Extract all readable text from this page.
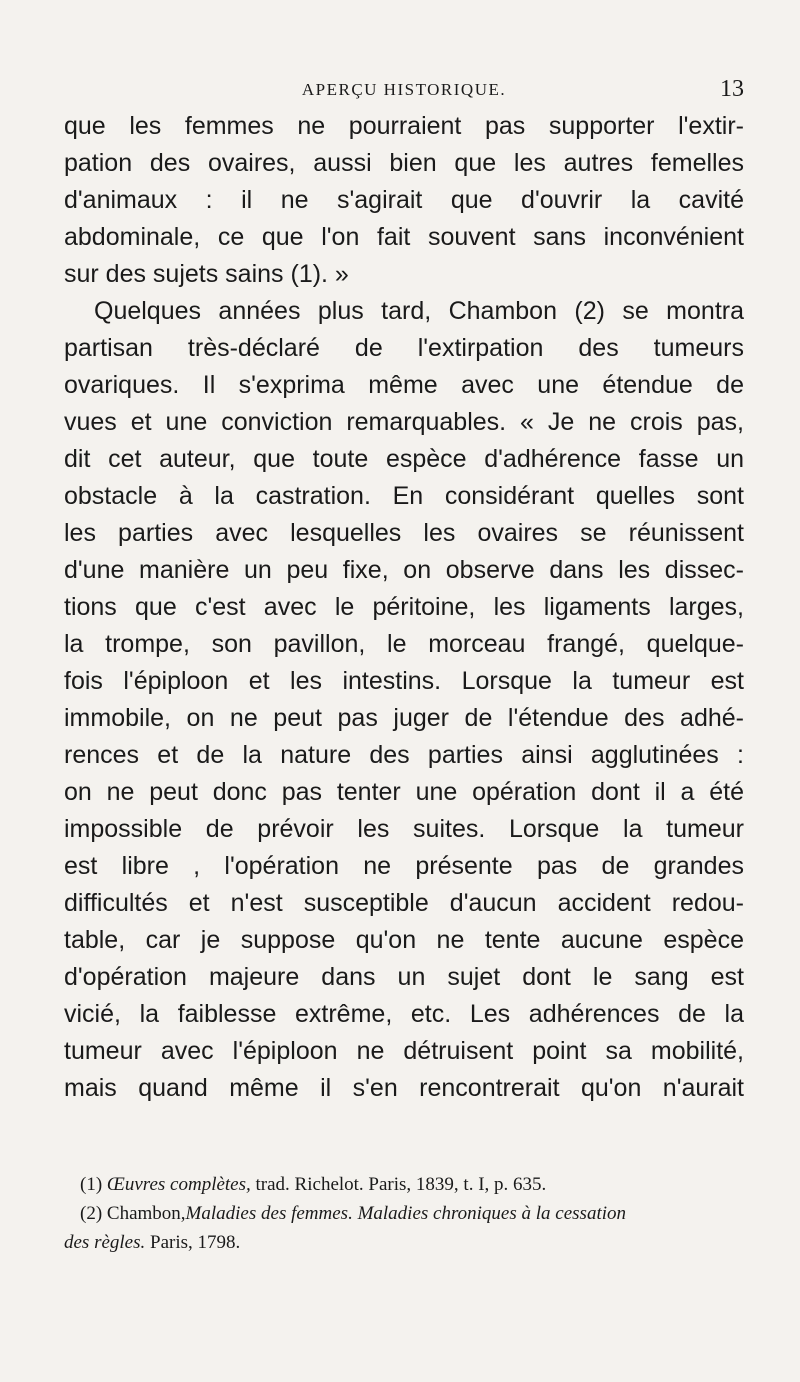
APERÇU HISTORIQUE.	13
que les femmes ne pourraient pas supporter l'extir-
pation des ovaires, aussi bien que les autres femelles
d'animaux : il ne s'agirait que d'ouvrir la cavité
abdominale, ce que l'on fait souvent sans inconvénient
sur des sujets sains (1). »
Quelques années plus tard, Chambon (2) se montra
partisan très-déclaré de l'extirpation des tumeurs
ovariques. Il s'exprima même avec une étendue de
vues et une conviction remarquables. « Je ne crois pas,
dit cet auteur, que toute espèce d'adhérence fasse un
obstacle à la castration. En considérant quelles sont
les parties avec lesquelles les ovaires se réunissent
d'une manière un peu fixe, on observe dans les dissec-
tions que c'est avec le péritoine, les ligaments larges,
la trompe, son pavillon, le morceau frangé, quelque-
fois l'épiploon et les intestins. Lorsque la tumeur est
immobile, on ne peut pas juger de l'étendue des adhé-
rences et de la nature des parties ainsi agglutinées :
on ne peut donc pas tenter une opération dont il a été
impossible de prévoir les suites. Lorsque la tumeur
est libre , l'opération ne présente pas de grandes
difficultés et n'est susceptible d'aucun accident redou-
table, car je suppose qu'on ne tente aucune espèce
d'opération majeure dans un sujet dont le sang est
vicié, la faiblesse extrême, etc. Les adhérences de la
tumeur avec l'épiploon ne détruisent point sa mobilité,
mais quand même il s'en rencontrerait qu'on n'aurait
(1) Œuvres complètes, trad. Richelot. Paris, 1839, t. I, p. 635.
(2) Chambon,Maladies des femmes. Maladies chroniques à la cessation
des règles. Paris, 1798.
